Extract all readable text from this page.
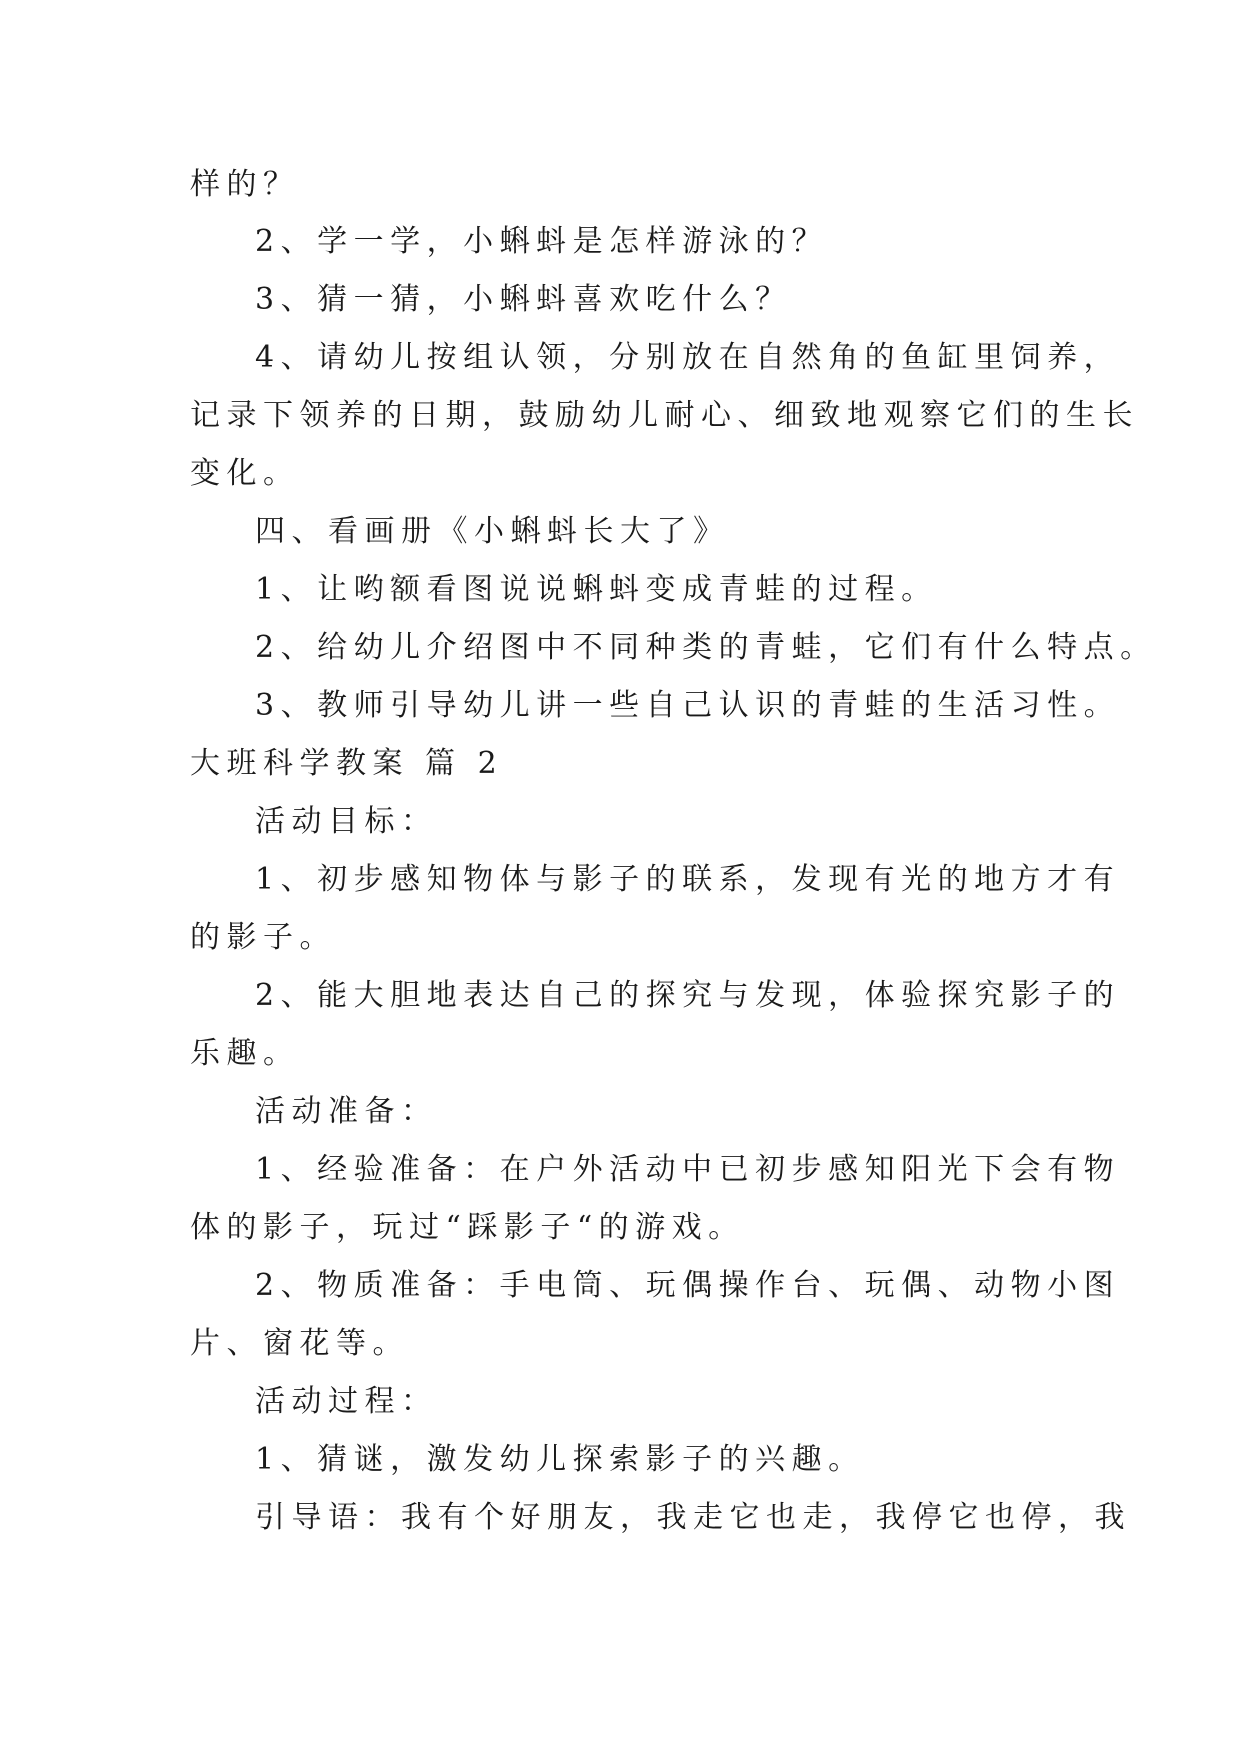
样的？
2、学一学，小蝌蚪是怎样游泳的？
3、猜一猜，小蝌蚪喜欢吃什么？
4、请幼儿按组认领，分别放在自然角的鱼缸里饲养，
记录下领养的日期，鼓励幼儿耐心、细致地观察它们的生长
变化。
四、看画册《小蝌蚪长大了》
1、让哟额看图说说蝌蚪变成青蛙的过程。
2、给幼儿介绍图中不同种类的青蛙，它们有什么特点。
3、教师引导幼儿讲一些自己认识的青蛙的生活习性。
大班科学教案 篇 2
活动目标：
1、初步感知物体与影子的联系，发现有光的地方才有
的影子。
2、能大胆地表达自己的探究与发现，体验探究影子的
乐趣。
活动准备：
1、经验准备：在户外活动中已初步感知阳光下会有物
体的影子，玩过“踩影子“的游戏。
2、物质准备：手电筒、玩偶操作台、玩偶、动物小图
片、窗花等。
活动过程：
1、猜谜，激发幼儿探索影子的兴趣。
引导语：我有个好朋友，我走它也走，我停它也停，我
